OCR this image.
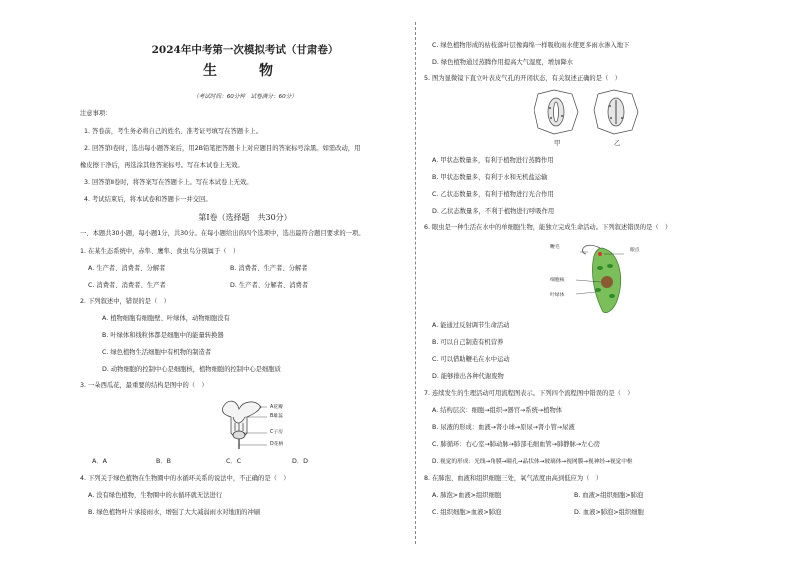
2024年中考第一次模拟考试（甘肃卷）
生　物
（考试时间：60分钟　试卷满分：60分）
注意事项：
1. 答卷前，考生务必将自己的姓名、准考证号填写在答题卡上。
2. 回答第Ⅰ卷时，选出每小题答案后，用2B铅笔把答题卡上对应题目的答案标号涂黑。如需改动，用
橡皮擦干净后，再选涂其他答案标号。写在本试卷上无效。
3. 回答第Ⅱ卷时，将答案写在答题卡上。写在本试卷上无效。
4. 考试结束后，将本试卷和答题卡一并交回。
第Ⅰ卷（选择题　共30分）
一、本题共30小题，每小题1分，共30分。在每小题给出的四个选项中，选出最符合题目要求的一项。
1. 在某生态系统中，赤隼、鹰隼、食虫鸟分别属于（　）
A. 生产者、消费者、分解者	B. 消费者、生产者、分解者
C. 消费者、消费者、生产者	D. 生产者、分解者、消费者
2. 下列叙述中，错误的是（　）
A. 植物细胞有细胞壁、叶绿体，动物细胞没有
B. 叶绿体和线粒体都是细胞中的能量转换器
C. 绿色植物生活细胞中有机物的制造者
D. 动物细胞的控制中心是细胞核，植物细胞的控制中心是细胞质
3. 一朵西瓜花，最重要的结构是图中的（　）
A花瓣
B雄蕊
C子房
D花柄
A．A	B．B	C．C	D．D
4. 下列关于绿色植物在生物圈中的水循环关系的说法中，不正确的是（　）
A. 没有绿色植物，生物圈中的水循环就无法进行
B. 绿色植物叶片承接雨水，增强了大大减弱雨水对地面的冲刷
C. 绿色植物形成的枯枝落叶层像海绵一样吸收雨水使更多雨水渗入地下
D. 绿色植物通过蒸腾作用提高大气湿度，增加降水
5. 图为显微镜下直立叶表皮气孔的开闭状态，有关叙述正确的是（　）
甲	乙
A. 甲状态数量多，有利于植物进行蒸腾作用
B. 甲状态数量多，有利于水和无机盐运输
C. 乙状态数量多，有利于植物进行光合作用
D. 乙状态数量多，不利于植物进行呼吸作用
6. 眼虫是一种生活在水中的单细胞生物，能独立完成生命活动。下列叙述错误的是（　）
鞭毛
眼点
细胞核
叶绿体
A. 能通过反射调节生命活动
B. 可以自己制造有机营养
C. 可以借助鞭毛在水中运动
D. 能够排出各种代谢废物
7. 连续发生的生理活动可用流程图表示。下列四个流程图中错误的是（　）
A. 结构层次：细胞→组织→器官→系统→植物体
B. 尿液的形成：血液→肾小球→原尿→肾小管→尿液
C. 肺循环：右心室→肺动脉→肺部毛细血管→肺静脉→左心房
D. 视觉的形成：光线→角膜→瞳孔→晶状体→玻璃体→视网膜→视神经→视觉中枢
8. 在肺泡、血液和组织细胞三处，氧气浓度由高到低应为（　）
A. 肺泡>血液>组织细胞	B. 血液>组织细胞>肺泡
C. 组织细胞>血液>肺泡	D. 血液>肺泡>组织细胞
